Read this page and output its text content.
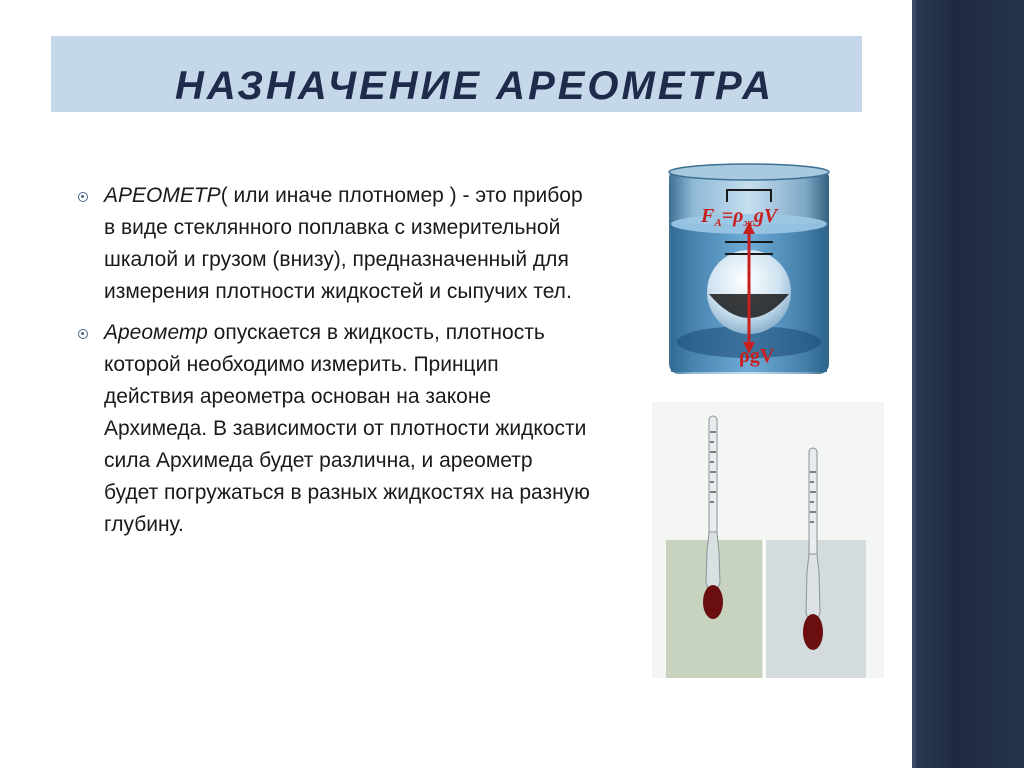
НАЗНАЧЕНИЕ АРЕОМЕТРА

АРЕОМЕТР( или иначе плотномер ) - это прибор в виде стеклянного поплавка с измерительной шкалой и грузом (внизу), предназначенный для измерения плотности жидкостей и сыпучих тел.

Ареометр опускается в жидкость, плотность которой необходимо измерить. Принцип действия ареометра основан на законе Архимеда. В зависимости от плотности жидкости сила Архимеда будет различна, и ареометр будет погружаться в разных жидкостях на разную глубину.

$F_A=\rho_жgV$
ρgV
